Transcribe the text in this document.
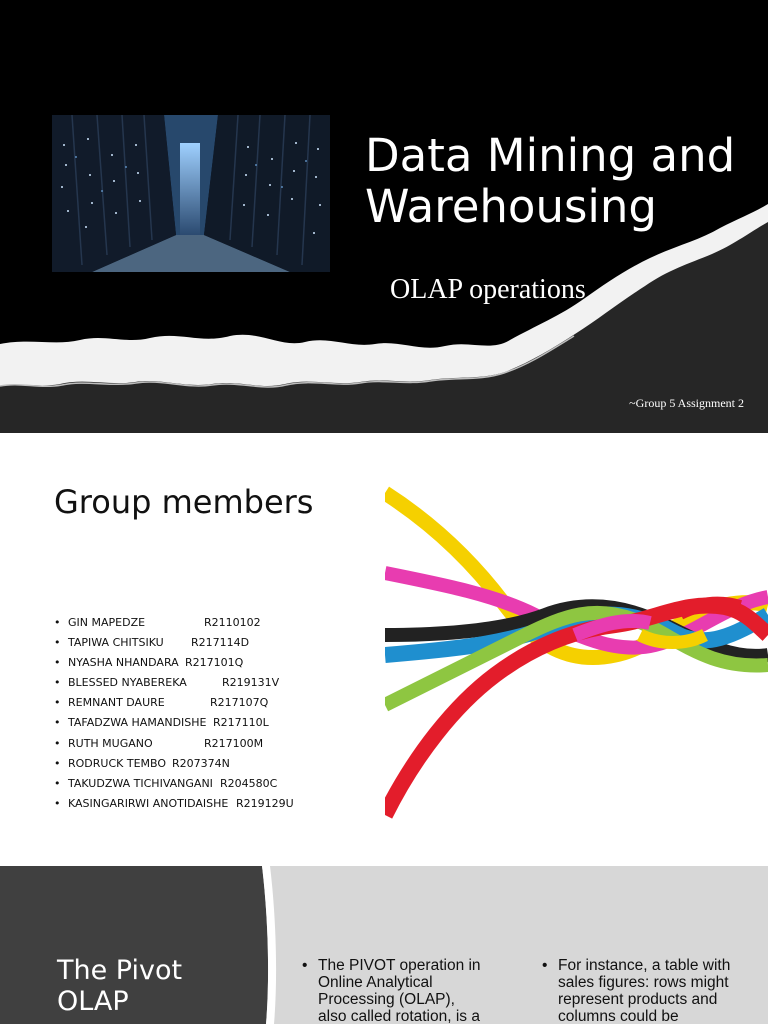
Data Mining and
Warehousing

OLAP operations

~Group 5 Assignment 2
Group members
• GIN MAPEDZE	R2110102
• TAPIWA CHITSIKU R217114D
• NYASHA NHANDARA R217101Q
• BLESSED NYABEREKA	R219131V
• REMNANT DAURE	R217107Q
• TAFADZWA HAMANDISHE R217110L
• RUTH MUGANO	R217100M
• RODRUCK TEMBO R207374N
• TAKUDZWA TICHIVANGANI R204580C
• KASINGARIRWI ANOTIDAISHE R219129U
The Pivot
OLAP
• The PIVOT operation in
Online Analytical
Processing (OLAP),
also called rotation, is a
• For instance, a table with
sales figures: rows might
represent products and
columns could be
